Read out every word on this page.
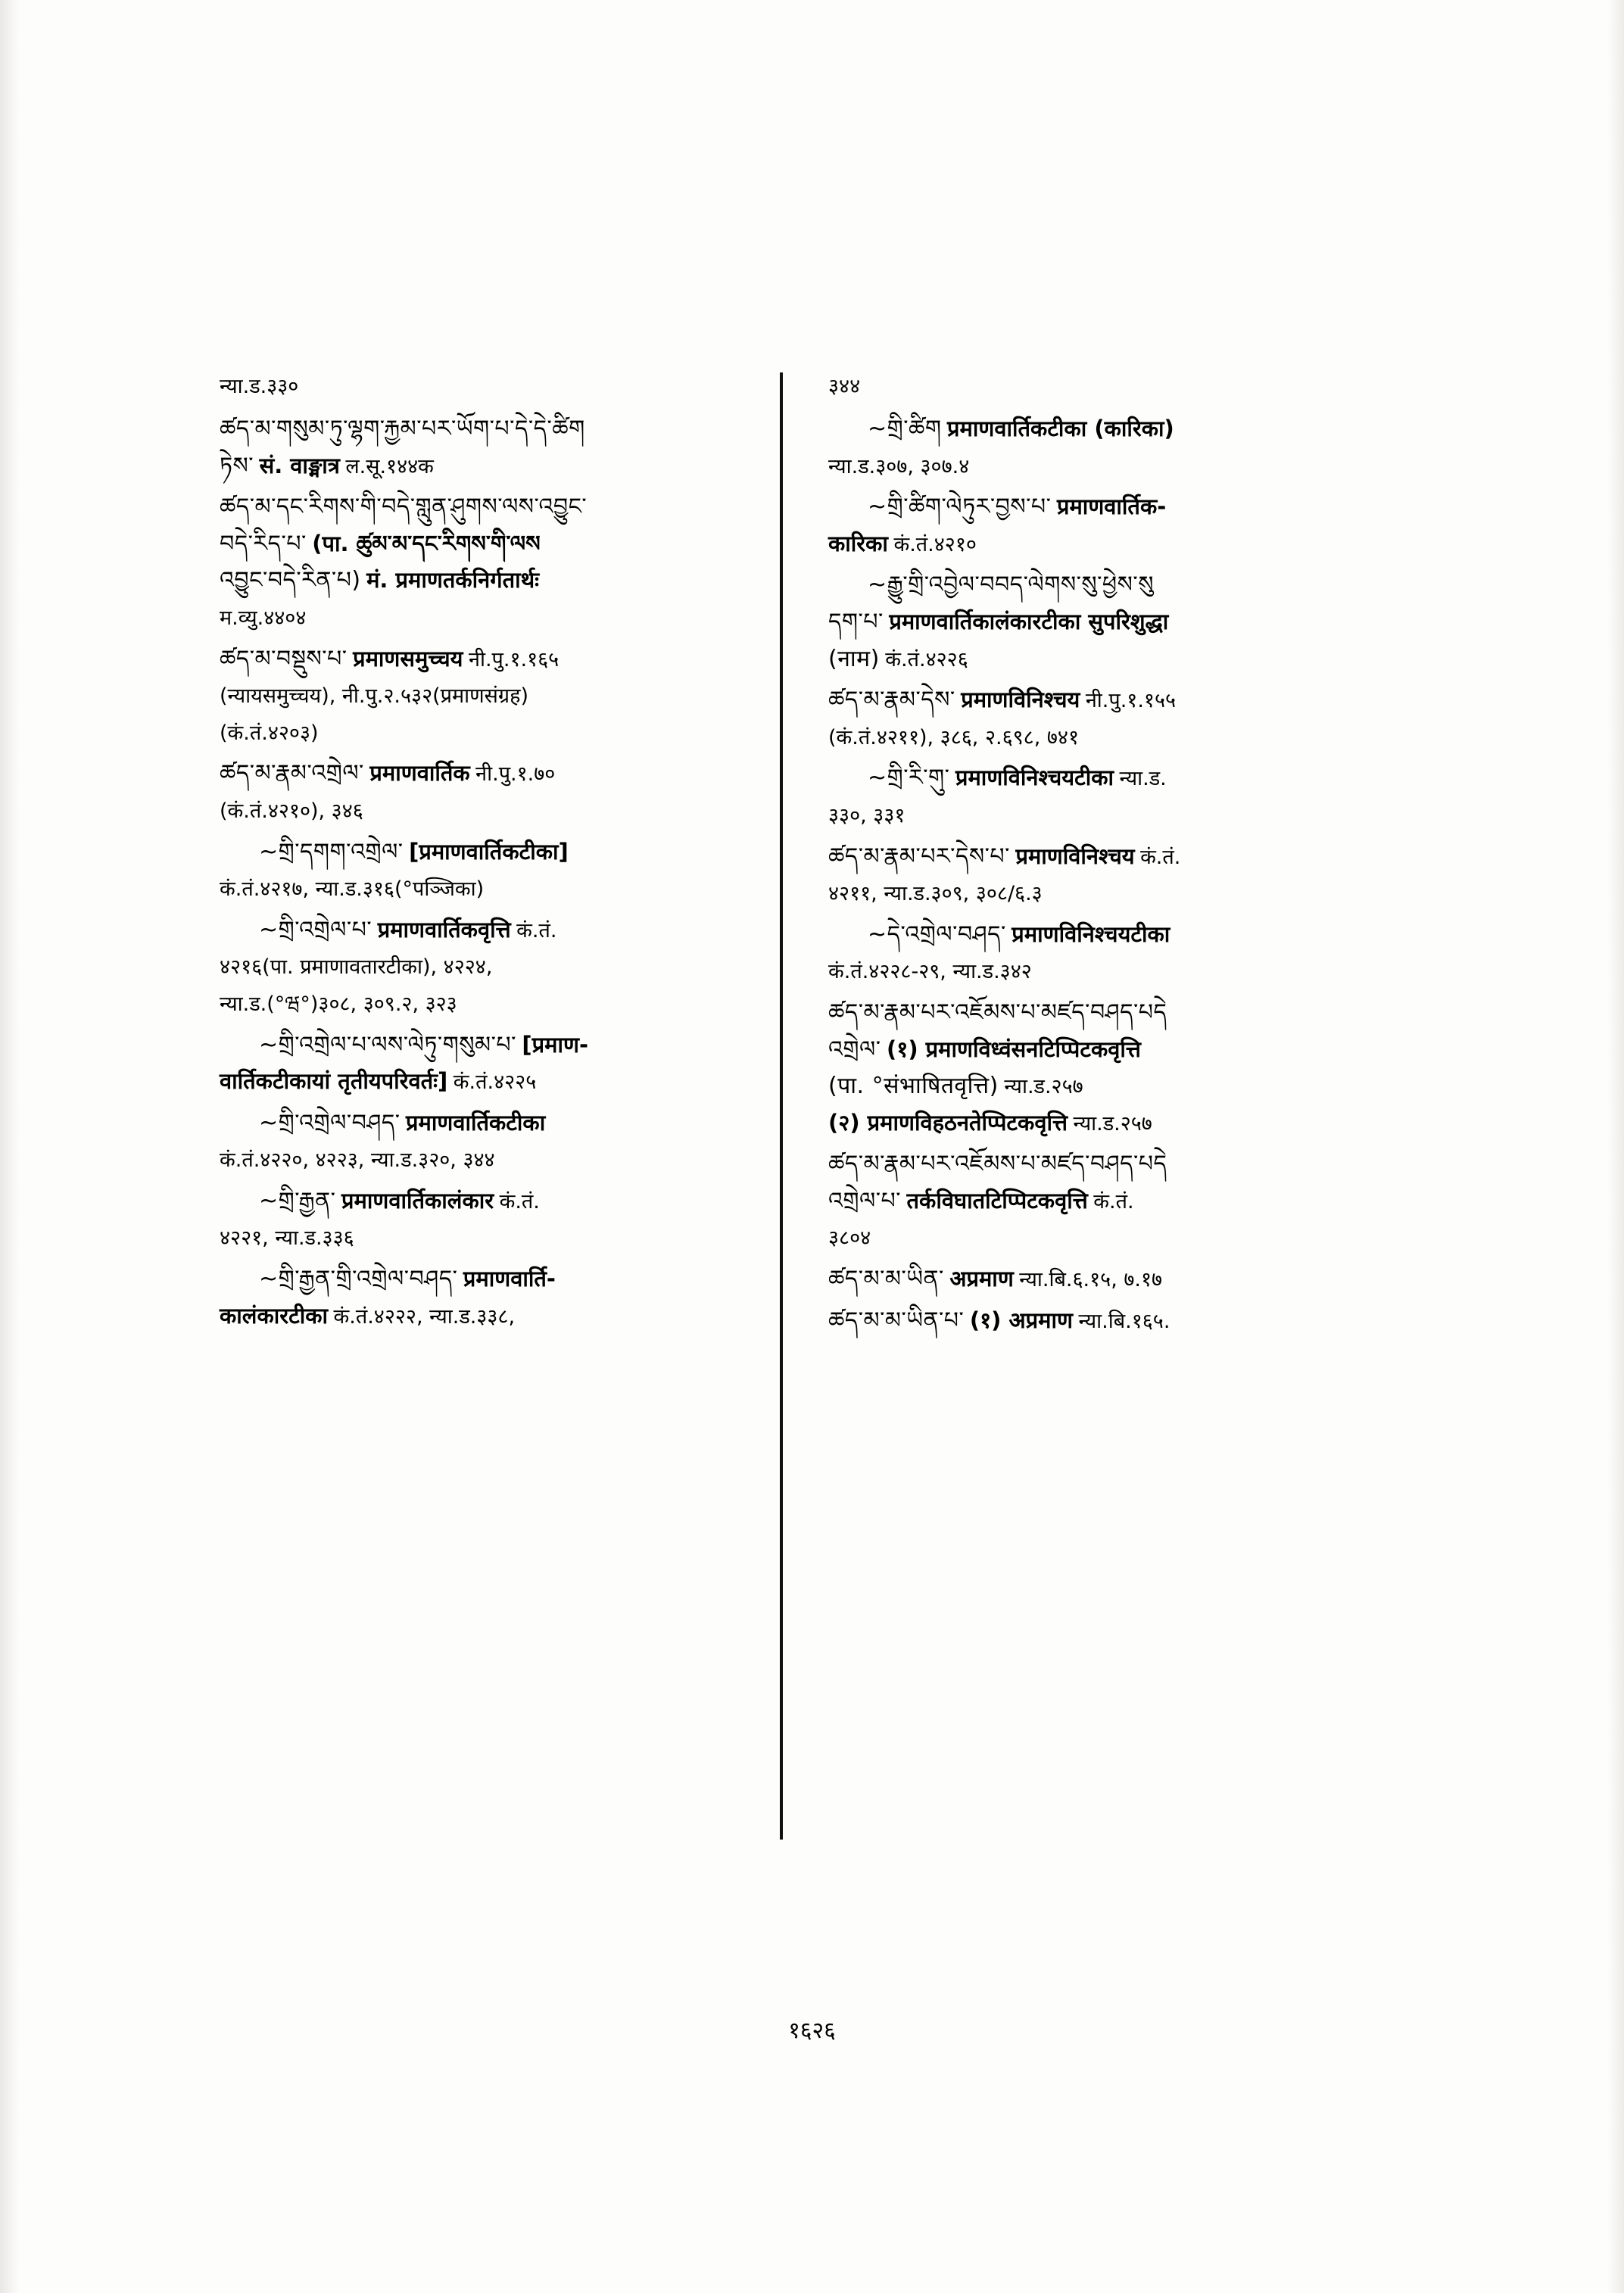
न्या.ड.३३०
ཚད་མ་གསུམ་ཏུ་ལྷག་རྐྱམ་པར་ཡོག་པ་དེ་དེ་ཚིག
ཏེས་ सं. वाङ्मात्र ल.सू.१४४क
ཚད་མ་དང་རིགས་གི་བདེ་གླུན་ཤུགས་ལས་འབྱུང་
བདེ་རིད་པ་ (पा. ཚུམ་མ་དང་རིགས་གི་ལས
འབྱུང་བདེ་རིན་པ) मं. प्रमाणतर्कनिर्गतार्थः
म.व्यु.४४०४
ཚད་མ་བསྡུས་པ་ प्रमाणसमुच्चय नी.पु.१.१६५
(न्यायसमुच्चय), नी.पु.२.५३२(प्रमाणसंग्रह)
(कं.तं.४२०३)
ཚད་མ་རྣམ་འགྲེལ་ प्रमाणवार्तिक नी.पु.१.७०
(कं.तं.४२१०), ३४६
~གྲི་དགག་འགྲེལ་ [प्रमाणवार्तिकटीका]
कं.तं.४२१७, न्या.ड.३१६(°पञ्जिका)
~གྲི་འགྲེལ་པ་ प्रमाणवार्तिकवृत्ति कं.तं.
४२१६(पा. प्रमाणावतारटीका), ४२२४,
न्या.ड.(°ཝ°)३०८, ३०९.२, ३२३
~གྲི་འགྲེལ་པ་ལས་ལེཏུ་གསུམ་པ་ [प्रमाण-
वार्तिकटीकायां तृतीयपरिवर्तः] कं.तं.४२२५
~གྲི་འགྲེལ་བཤད་ प्रमाणवार्तिकटीका
कं.तं.४२२०, ४२२३, न्या.ड.३२०, ३४४
~གྲི་རྒྱན་ प्रमाणवार्तिकालंकार कं.तं.
४२२१, न्या.ड.३३६
~གྲི་རྒྱན་གྲི་འགྲེལ་བཤད་ प्रमाणवार्ति-
कालंकारटीका कं.तं.४२२२, न्या.ड.३३८,
३४४
~གྲི་ཚིག प्रमाणवार्तिकटीका (कारिका)
न्या.ड.३०७, ३०७.४
~གྲི་ཚིག་ལེཏུར་བྱས་པ་ प्रमाणवार्तिक-
कारिका कं.तं.४२१०
~རྒྱུ་གྲི་འབྱེལ་བབད་ལེགས་སུ་ཕྱེས་སུ
དག་པ་ प्रमाणवार्तिकालंकारटीका सुपरिशुद्धा
(नाम) कं.तं.४२२६
ཚད་མ་རྣམ་དེས་ प्रमाणविनिश्चय नी.पु.१.१५५
(कं.तं.४२११), ३८६, २.६९८, ७४१
~གྲི་རི་གུ་ प्रमाणविनिश्चयटीका न्या.ड.
३३०, ३३१
ཚད་མ་རྣམ་པར་དེས་པ་ प्रमाणविनिश्चय कं.तं.
४२११, न्या.ड.३०९, ३०८/६.३
~དེ་འགྲེལ་བཤད་ प्रमाणविनिश्चयटीका
कं.तं.४२२८-२९, न्या.ड.३४२
ཚད་མ་རྣམ་པར་འཇོམས་པ་མཛད་བཤད་པདེ
འགྲེལ་ (१) प्रमाणविध्वंसनटिप्पिटकवृत्ति
(पा. °संभाषितवृत्ति) न्या.ड.२५७
(२) प्रमाणविहठनतेप्पिटकवृत्ति न्या.ड.२५७
ཚད་མ་རྣམ་པར་འཇོམས་པ་མཛད་བཤད་པདེ
འགྲེལ་པ་ तर्कविघातटिप्पिटकवृत्ति कं.तं.
३८०४
ཚད་མ་མ་ཡིན་ अप्रमाण न्या.बि.६.१५, ७.१७
ཚད་མ་མ་ཡིན་པ་ (१) अप्रमाण न्या.बि.१६५.
१६२६
